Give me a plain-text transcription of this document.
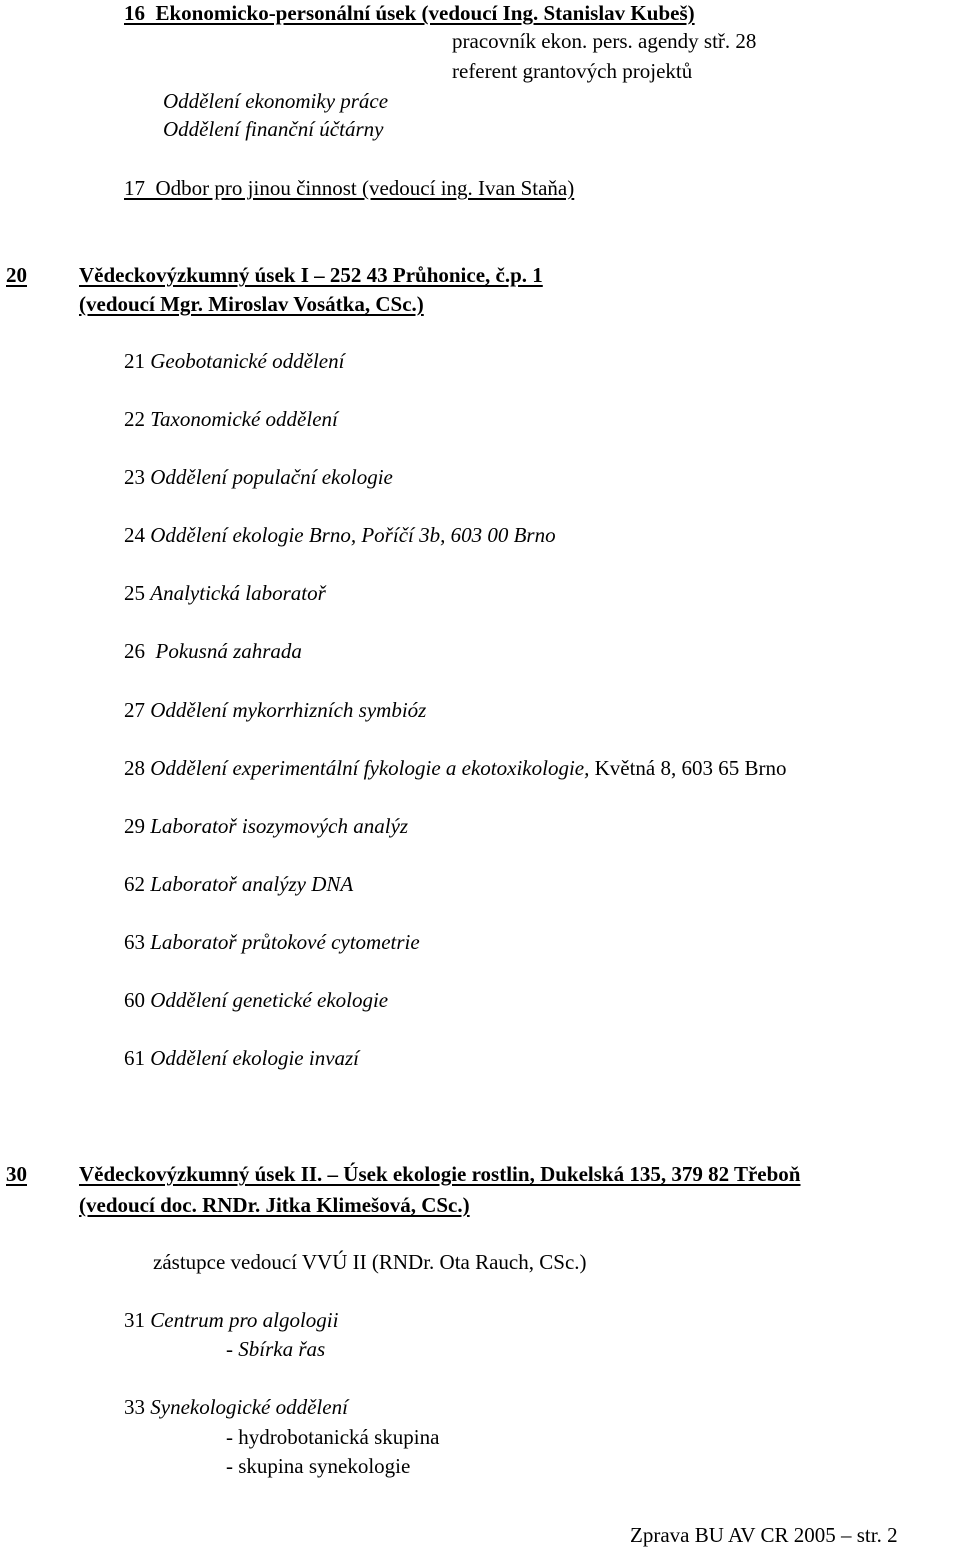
16 Ekonomicko-personální úsek (vedoucí Ing. Stanislav Kubeš)
pracovník ekon. pers. agendy stř. 28
referent grantových projektů
Oddělení ekonomiky práce
Oddělení finanční účtárny
17 Odbor pro jinou činnost (vedoucí ing. Ivan Staňa)
20 Vědeckovýzkumný úsek I – 252 43 Průhonice, č.p. 1
(vedoucí Mgr. Miroslav Vosátka, CSc.)
21 Geobotanické oddělení
22 Taxonomické oddělení
23 Oddělení populační ekologie
24 Oddělení ekologie Brno, Poříčí 3b, 603 00 Brno
25 Analytická laboratoř
26 Pokusná zahrada
27 Oddělení mykorrhizních symbióz
28 Oddělení experimentální fykologie a ekotoxikologie, Květná 8, 603 65 Brno
29 Laboratoř isozymových analýz
62 Laboratoř analýzy DNA
63 Laboratoř průtokové cytometrie
60 Oddělení genetické ekologie
61 Oddělení ekologie invazí
30 Vědeckovýzkumný úsek II. – Úsek ekologie rostlin, Dukelská 135, 379 82 Třeboň
(vedoucí doc. RNDr. Jitka Klimešová, CSc.)
zástupce vedoucí VVÚ II (RNDr. Ota Rauch, CSc.)
31 Centrum pro algologii
- Sbírka řas
33 Synekologické oddělení
- hydrobotanická skupina
- skupina synekologie
Zprava BU AV CR 2005 – str. 2
